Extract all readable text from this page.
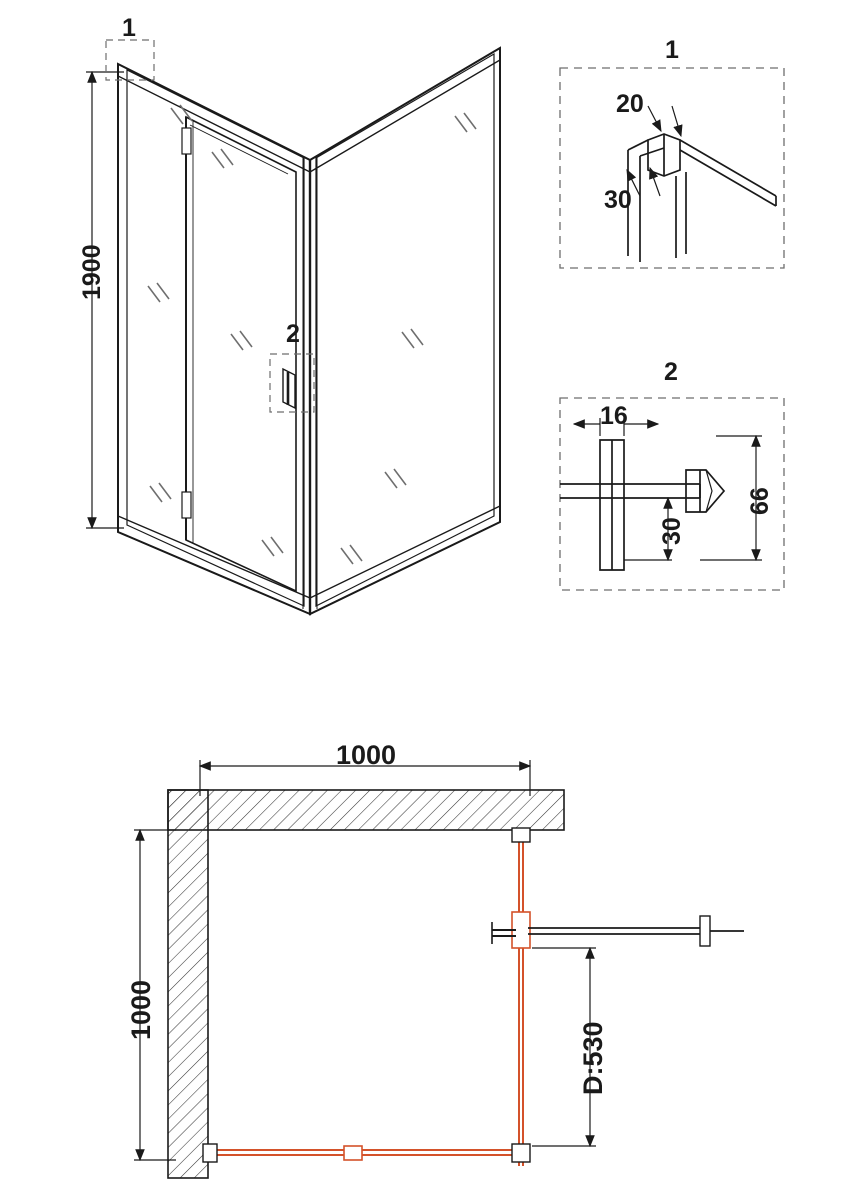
1
2
1900
1
20
30
2
16
30
66
1000
1000
D:530
